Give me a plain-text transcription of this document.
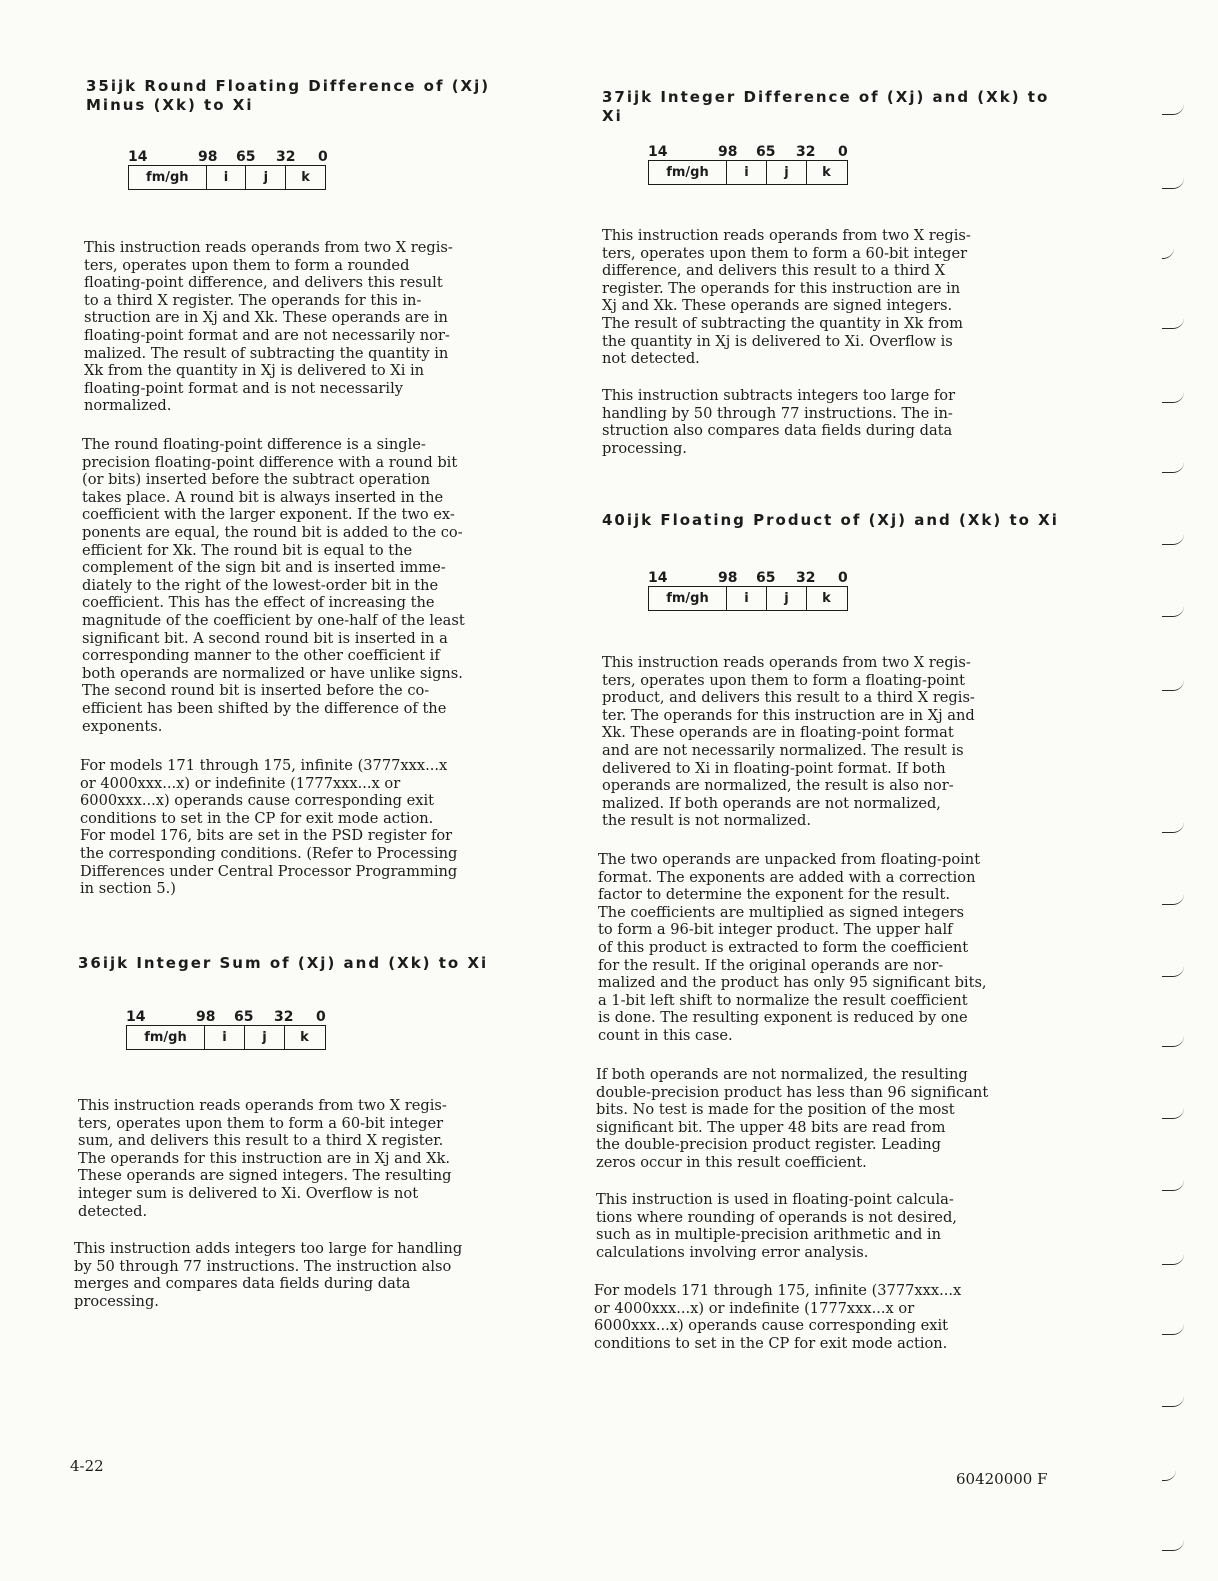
35ijk Round Floating Difference of (Xj) Minus (Xk) to Xi
14	98 65 32 0
fm/gh	i	j	k

This instruction reads operands from two X regis-
ters, operates upon them to form a rounded
floating-point difference, and delivers this result
to a third X register. The operands for this in-
struction are in Xj and Xk. These operands are in
floating-point format and are not necessarily nor-
malized. The result of subtracting the quantity in
Xk from the quantity in Xj is delivered to Xi in
floating-point format and is not necessarily
normalized.

The round floating-point difference is a single-
precision floating-point difference with a round bit
(or bits) inserted before the subtract operation
takes place. A round bit is always inserted in the
coefficient with the larger exponent. If the two ex-
ponents are equal, the round bit is added to the co-
efficient for Xk. The round bit is equal to the
complement of the sign bit and is inserted imme-
diately to the right of the lowest-order bit in the
coefficient. This has the effect of increasing the
magnitude of the coefficient by one-half of the least
significant bit. A second round bit is inserted in a
corresponding manner to the other coefficient if
both operands are normalized or have unlike signs.
The second round bit is inserted before the co-
efficient has been shifted by the difference of the
exponents.

For models 171 through 175, infinite (3777xxx...x
or 4000xxx...x) or indefinite (1777xxx...x or
6000xxx...x) operands cause corresponding exit
conditions to set in the CP for exit mode action.
For model 176, bits are set in the PSD register for
the corresponding conditions. (Refer to Processing
Differences under Central Processor Programming
in section 5.)

36ijk Integer Sum of (Xj) and (Xk) to Xi
14	98 65 32 0
fm/gh	i	j	k

This instruction reads operands from two X regis-
ters, operates upon them to form a 60-bit integer
sum, and delivers this result to a third X register.
The operands for this instruction are in Xj and Xk.
These operands are signed integers. The resulting
integer sum is delivered to Xi. Overflow is not
detected.

This instruction adds integers too large for handling
by 50 through 77 instructions. The instruction also
merges and compares data fields during data
processing.

4-22
37ijk Integer Difference of (Xj) and (Xk) to Xi
14	98 65 32 0
fm/gh	i	j	k

This instruction reads operands from two X regis-
ters, operates upon them to form a 60-bit integer
difference, and delivers this result to a third X
register. The operands for this instruction are in
Xj and Xk. These operands are signed integers.
The result of subtracting the quantity in Xk from
the quantity in Xj is delivered to Xi. Overflow is
not detected.

This instruction subtracts integers too large for
handling by 50 through 77 instructions. The in-
struction also compares data fields during data
processing.

40ijk Floating Product of (Xj) and (Xk) to Xi
14	98 65 32 0
fm/gh	i	j	k

This instruction reads operands from two X regis-
ters, operates upon them to form a floating-point
product, and delivers this result to a third X regis-
ter. The operands for this instruction are in Xj and
Xk. These operands are in floating-point format
and are not necessarily normalized. The result is
delivered to Xi in floating-point format. If both
operands are normalized, the result is also nor-
malized. If both operands are not normalized,
the result is not normalized.

The two operands are unpacked from floating-point
format. The exponents are added with a correction
factor to determine the exponent for the result.
The coefficients are multiplied as signed integers
to form a 96-bit integer product. The upper half
of this product is extracted to form the coefficient
for the result. If the original operands are nor-
malized and the product has only 95 significant bits,
a 1-bit left shift to normalize the result coefficient
is done. The resulting exponent is reduced by one
count in this case.

If both operands are not normalized, the resulting
double-precision product has less than 96 significant
bits. No test is made for the position of the most
significant bit. The upper 48 bits are read from
the double-precision product register. Leading
zeros occur in this result coefficient.

This instruction is used in floating-point calcula-
tions where rounding of operands is not desired,
such as in multiple-precision arithmetic and in
calculations involving error analysis.

For models 171 through 175, infinite (3777xxx...x
or 4000xxx...x) or indefinite (1777xxx...x or
6000xxx...x) operands cause corresponding exit
conditions to set in the CP for exit mode action.

60420000 F
